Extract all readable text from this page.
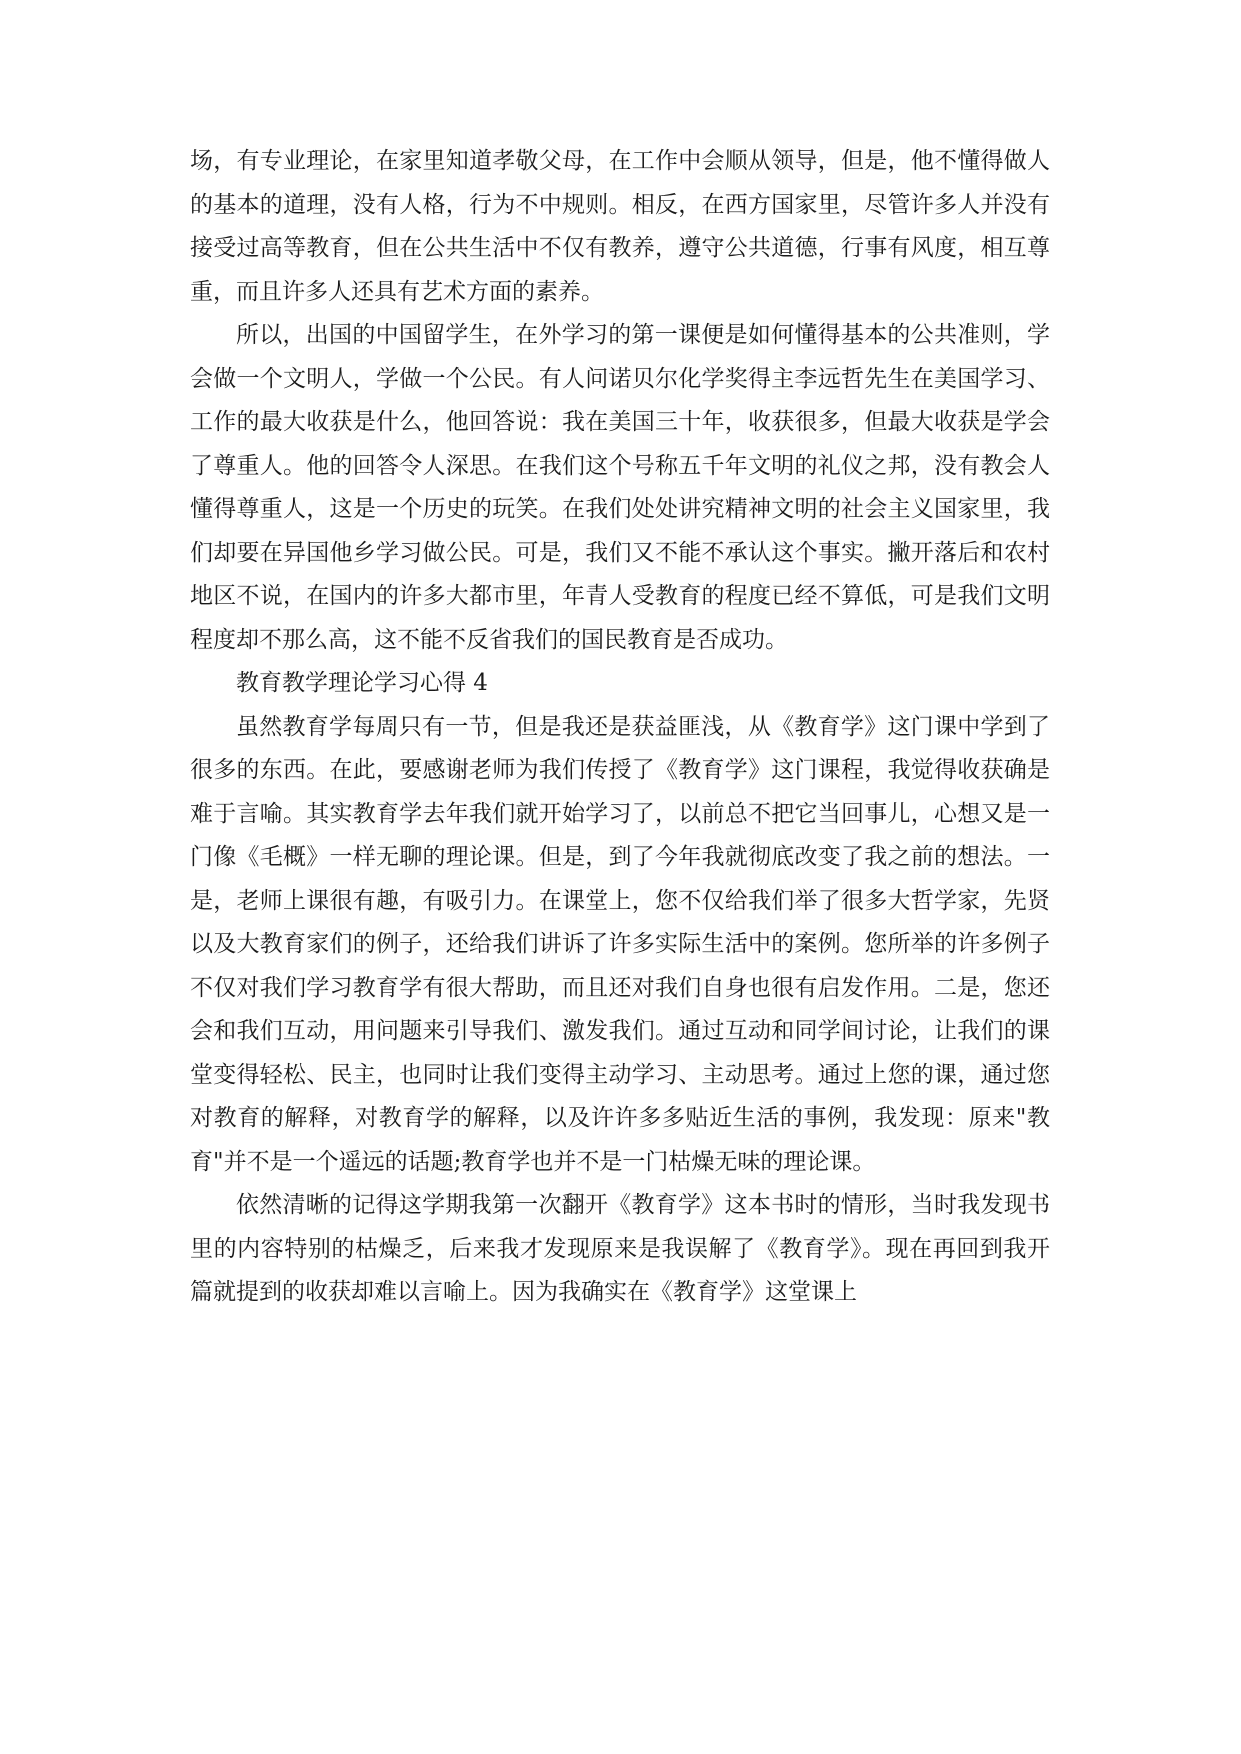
场，有专业理论，在家里知道孝敬父母，在工作中会顺从领导，但是，他不懂得做人的基本的道理，没有人格，行为不中规则。相反，在西方国家里，尽管许多人并没有接受过高等教育，但在公共生活中不仅有教养，遵守公共道德，行事有风度，相互尊重，而且许多人还具有艺术方面的素养。

所以，出国的中国留学生，在外学习的第一课便是如何懂得基本的公共准则，学会做一个文明人，学做一个公民。有人问诺贝尔化学奖得主李远哲先生在美国学习、工作的最大收获是什么，他回答说：我在美国三十年，收获很多，但最大收获是学会了尊重人。他的回答令人深思。在我们这个号称五千年文明的礼仪之邦，没有教会人懂得尊重人，这是一个历史的玩笑。在我们处处讲究精神文明的社会主义国家里，我们却要在异国他乡学习做公民。可是，我们又不能不承认这个事实。撇开落后和农村地区不说，在国内的许多大都市里，年青人受教育的程度已经不算低，可是我们文明程度却不那么高，这不能不反省我们的国民教育是否成功。

教育教学理论学习心得 4

虽然教育学每周只有一节，但是我还是获益匪浅，从《教育学》这门课中学到了很多的东西。在此，要感谢老师为我们传授了《教育学》这门课程，我觉得收获确是难于言喻。其实教育学去年我们就开始学习了，以前总不把它当回事儿，心想又是一门像《毛概》一样无聊的理论课。但是，到了今年我就彻底改变了我之前的想法。一是，老师上课很有趣，有吸引力。在课堂上，您不仅给我们举了很多大哲学家，先贤以及大教育家们的例子，还给我们讲诉了许多实际生活中的案例。您所举的许多例子不仅对我们学习教育学有很大帮助，而且还对我们自身也很有启发作用。二是，您还会和我们互动，用问题来引导我们、激发我们。通过互动和同学间讨论，让我们的课堂变得轻松、民主，也同时让我们变得主动学习、主动思考。通过上您的课，通过您对教育的解释，对教育学的解释，以及许许多多贴近生活的事例，我发现：原来"教育"并不是一个遥远的话题;教育学也并不是一门枯燥无味的理论课。

依然清晰的记得这学期我第一次翻开《教育学》这本书时的情形，当时我发现书里的内容特别的枯燥乏，后来我才发现原来是我误解了《教育学》。现在再回到我开篇就提到的收获却难以言喻上。因为我确实在《教育学》这堂课上
